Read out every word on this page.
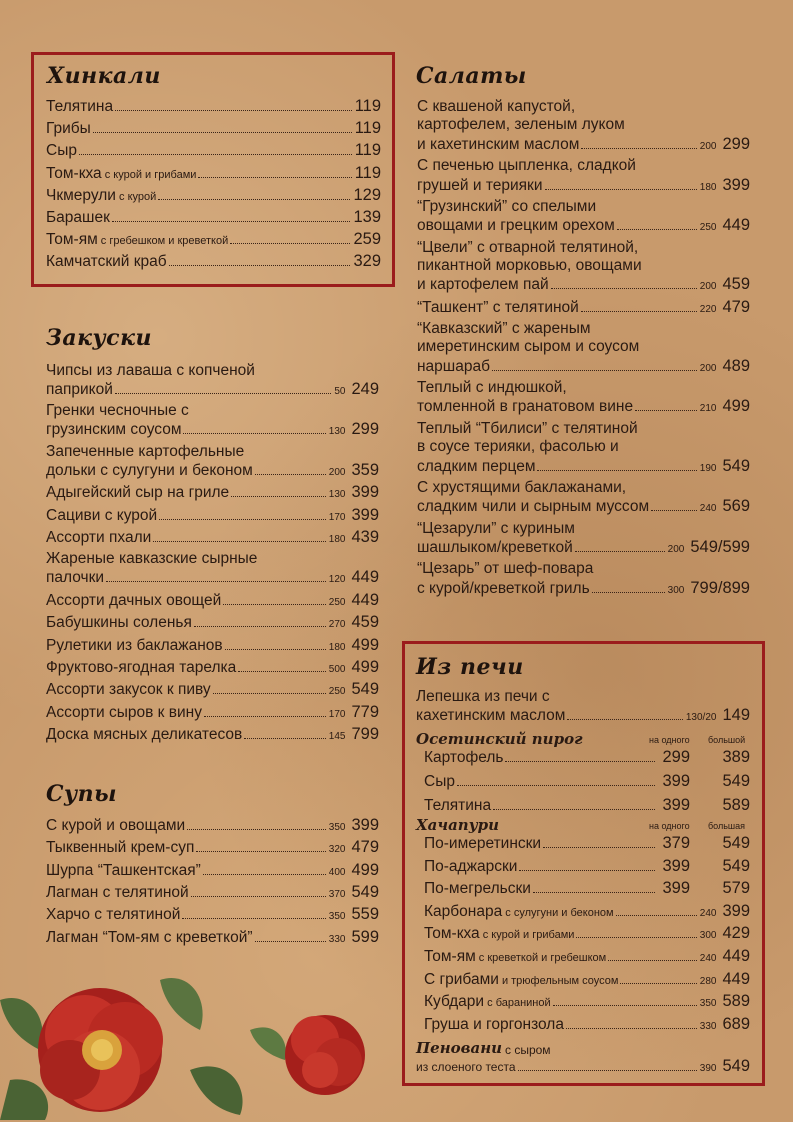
Хинкали
Телятина	119
Грибы	119
Сыр	119
Том-кха с курой и грибами	119
Чкмерули с курой	129
Барашек	139
Том-ям с гребешком и креветкой	259
Камчатский краб	329
Закуски
Чипсы из лаваша с копченой
паприкой	50 249
Гренки чесночные с
грузинским соусом	130 299
Запеченные картофельные
дольки с сулугуни и беконом	200 359
Адыгейский сыр на гриле	130 399
Сациви с курой	170 399
Ассорти пхали	180 439
Жареные кавказские сырные
палочки	120 449
Ассорти дачных овощей	250 449
Бабушкины соленья	270 459
Рулетики из баклажанов	180 499
Фруктово-ягодная тарелка	500 499
Ассорти закусок к пиву	250 549
Ассорти сыров к вину	170 779
Доска мясных деликатесов	145 799
Супы
С курой и овощами	350 399
Тыквенный крем-суп	320 479
Шурпа “Ташкентская”	400 499
Лагман с телятиной	370 549
Харчо с телятиной	350 559
Лагман “Том-ям с креветкой”	330 599
Салаты
С квашеной капустой,
картофелем, зеленым луком
и кахетинским маслом	200 299
С печенью цыпленка, сладкой
грушей и терияки	180 399
“Грузинский” со спелыми
овощами и грецким орехом	250 449
“Цвели” с отварной телятиной,
пикантной морковью, овощами
и картофелем пай	200 459
“Ташкент” с телятиной	220 479
“Кавказский” с жареным
имеретинским сыром и соусом
наршараб	200 489
Теплый с индюшкой,
томленной в гранатовом вине	210 499
Теплый “Тбилиси” с телятиной
в соусе терияки, фасолью и
сладким перцем	190 549
С хрустящими баклажанами,
сладким чили и сырным муссом	240 569
“Цезарули” с куриным
шашлыком/креветкой	200 549/599
“Цезарь” от шеф-повара
с курой/креветкой гриль	300 799/899
Из печи
Лепешка из печи с
кахетинским маслом	130/20 149
Осетинский пирог	на одного большой
Картофель	299	389
Сыр	399	549
Телятина	399	589
Хачапури	на одного большая
По-имеретински	379	549
По-аджарски	399	549
По-мегрельски	399	579
Карбонара с сулугуни и беконом	240 399
Том-кха с курой и грибами	300 429
Том-ям с креветкой и гребешком	240 449
С грибами и трюфельным соусом	280 449
Кубдари с бараниной	350 589
Груша и горгонзола	330 689
Пеновани с сыром
из слоеного теста	390 549
